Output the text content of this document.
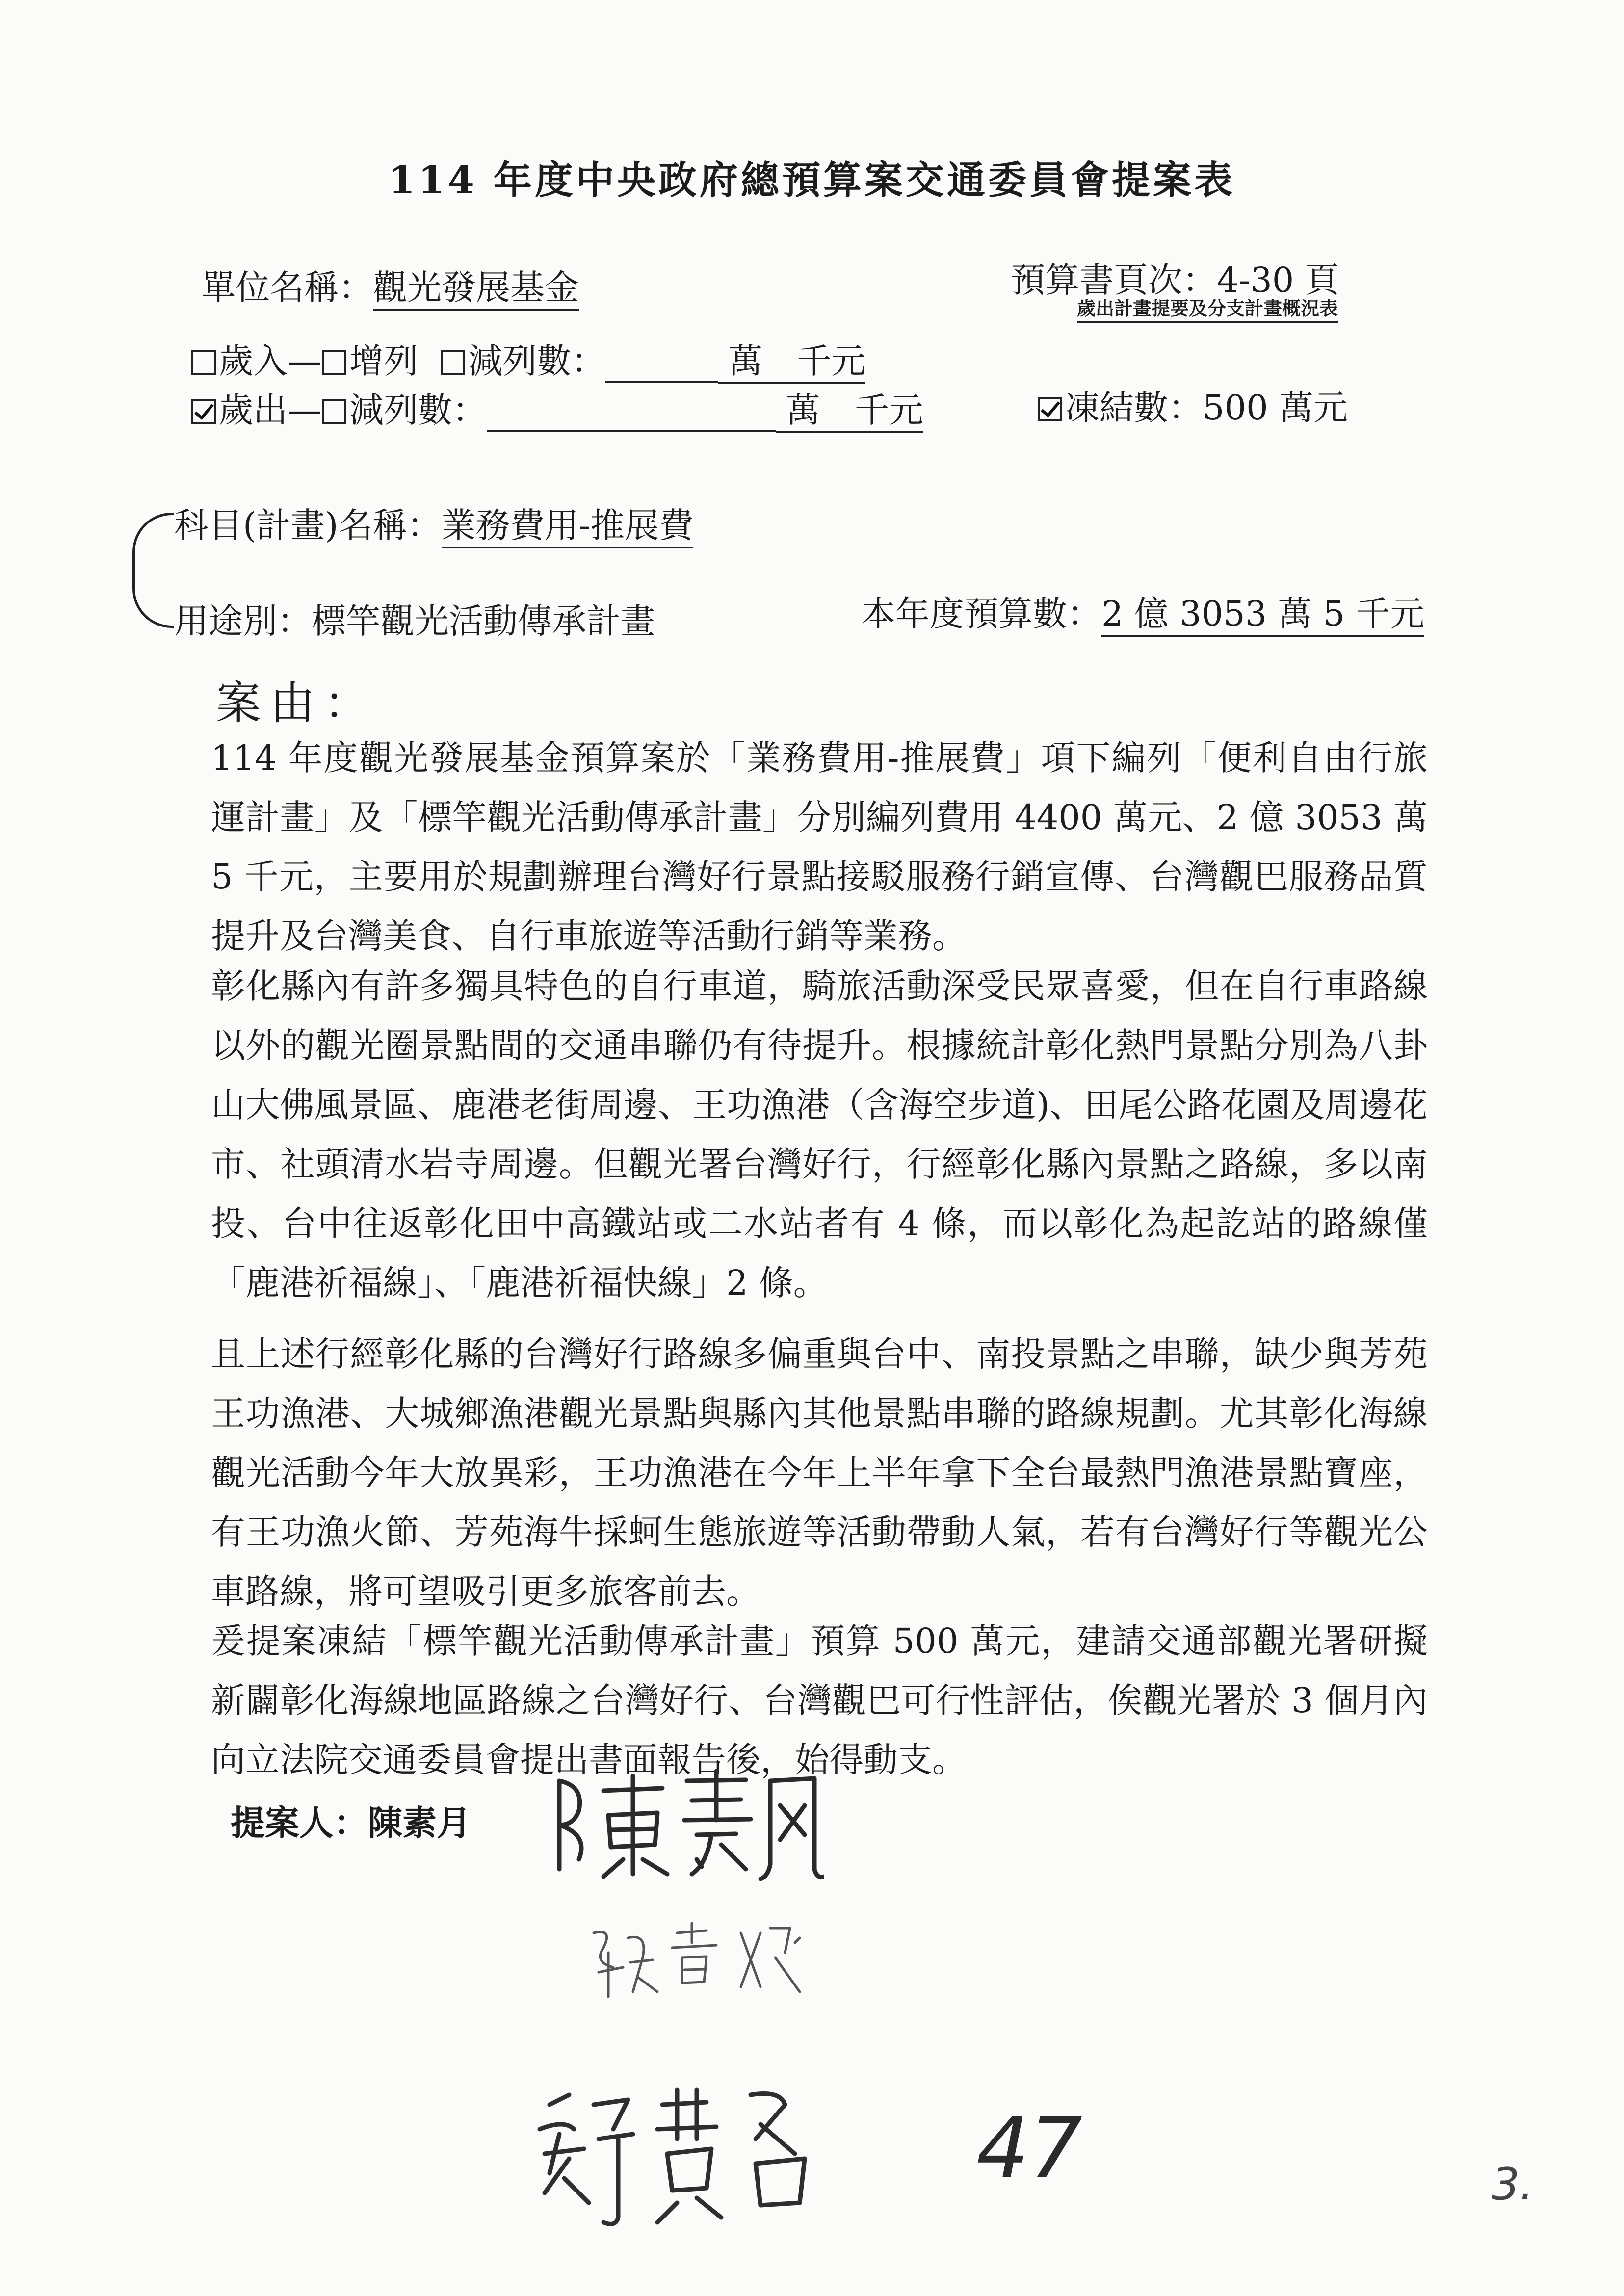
114 年度中央政府總預算案交通委員會提案表
單位名稱：觀光發展基金	預算書頁次：4-30 頁
歲出計畫提要及分支計畫概況表
歲入— 增列 減列數：	萬 千元
歲出— 減列數：	萬 千元	凍結數：500 萬元
科目(計畫)名稱：業務費用-推展費
用途別：標竿觀光活動傳承計畫	本年度預算數：2 億 3053 萬 5 千元
案由：
114 年度觀光發展基金預算案於「業務費用-推展費」項下編列「便利自由行旅運計畫」及「標竿觀光活動傳承計畫」分別編列費用 4400 萬元、2 億 3053 萬 5 千元，主要用於規劃辦理台灣好行景點接駁服務行銷宣傳、台灣觀巴服務品質提升及台灣美食、自行車旅遊等活動行銷等業務。
彰化縣內有許多獨具特色的自行車道，騎旅活動深受民眾喜愛，但在自行車路線以外的觀光圈景點間的交通串聯仍有待提升。根據統計彰化熱門景點分別為八卦山大佛風景區、鹿港老街周邊、王功漁港（含海空步道)、田尾公路花園及周邊花市、社頭清水岩寺周邊。但觀光署台灣好行，行經彰化縣內景點之路線，多以南投、台中往返彰化田中高鐵站或二水站者有 4 條，而以彰化為起訖站的路線僅「鹿港祈福線」、「鹿港祈福快線」2 條。
且上述行經彰化縣的台灣好行路線多偏重與台中、南投景點之串聯，缺少與芳苑王功漁港、大城鄉漁港觀光景點與縣內其他景點串聯的路線規劃。尤其彰化海線觀光活動今年大放異彩，王功漁港在今年上半年拿下全台最熱門漁港景點寶座，有王功漁火節、芳苑海牛採蚵生態旅遊等活動帶動人氣，若有台灣好行等觀光公車路線，將可望吸引更多旅客前去。
爰提案凍結「標竿觀光活動傳承計畫」預算 500 萬元，建請交通部觀光署研擬新闢彰化海線地區路線之台灣好行、台灣觀巴可行性評估，俟觀光署於 3 個月內向立法院交通委員會提出書面報告後，始得動支。
提案人：陳素月
47	3.
